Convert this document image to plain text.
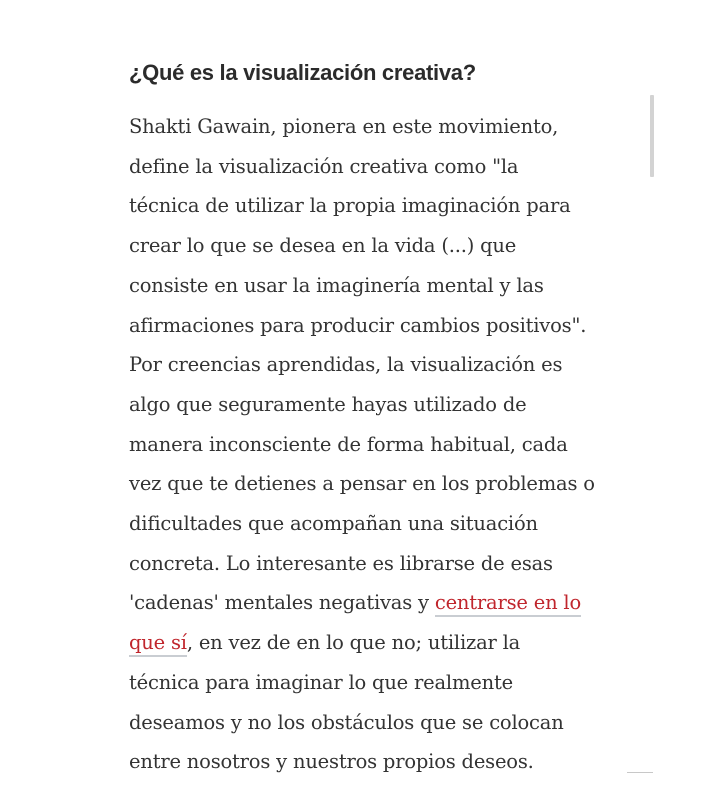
¿Qué es la visualización creativa?
Shakti Gawain, pionera en este movimiento,
define la visualización creativa como "la
técnica de utilizar la propia imaginación para
crear lo que se desea en la vida (...) que
consiste en usar la imaginería mental y las
afirmaciones para producir cambios positivos".
Por creencias aprendidas, la visualización es
algo que seguramente hayas utilizado de
manera inconsciente de forma habitual, cada
vez que te detienes a pensar en los problemas o
dificultades que acompañan una situación
concreta. Lo interesante es librarse de esas
'cadenas' mentales negativas y centrarse en lo
que sí, en vez de en lo que no; utilizar la
técnica para imaginar lo que realmente
deseamos y no los obstáculos que se colocan
entre nosotros y nuestros propios deseos.
